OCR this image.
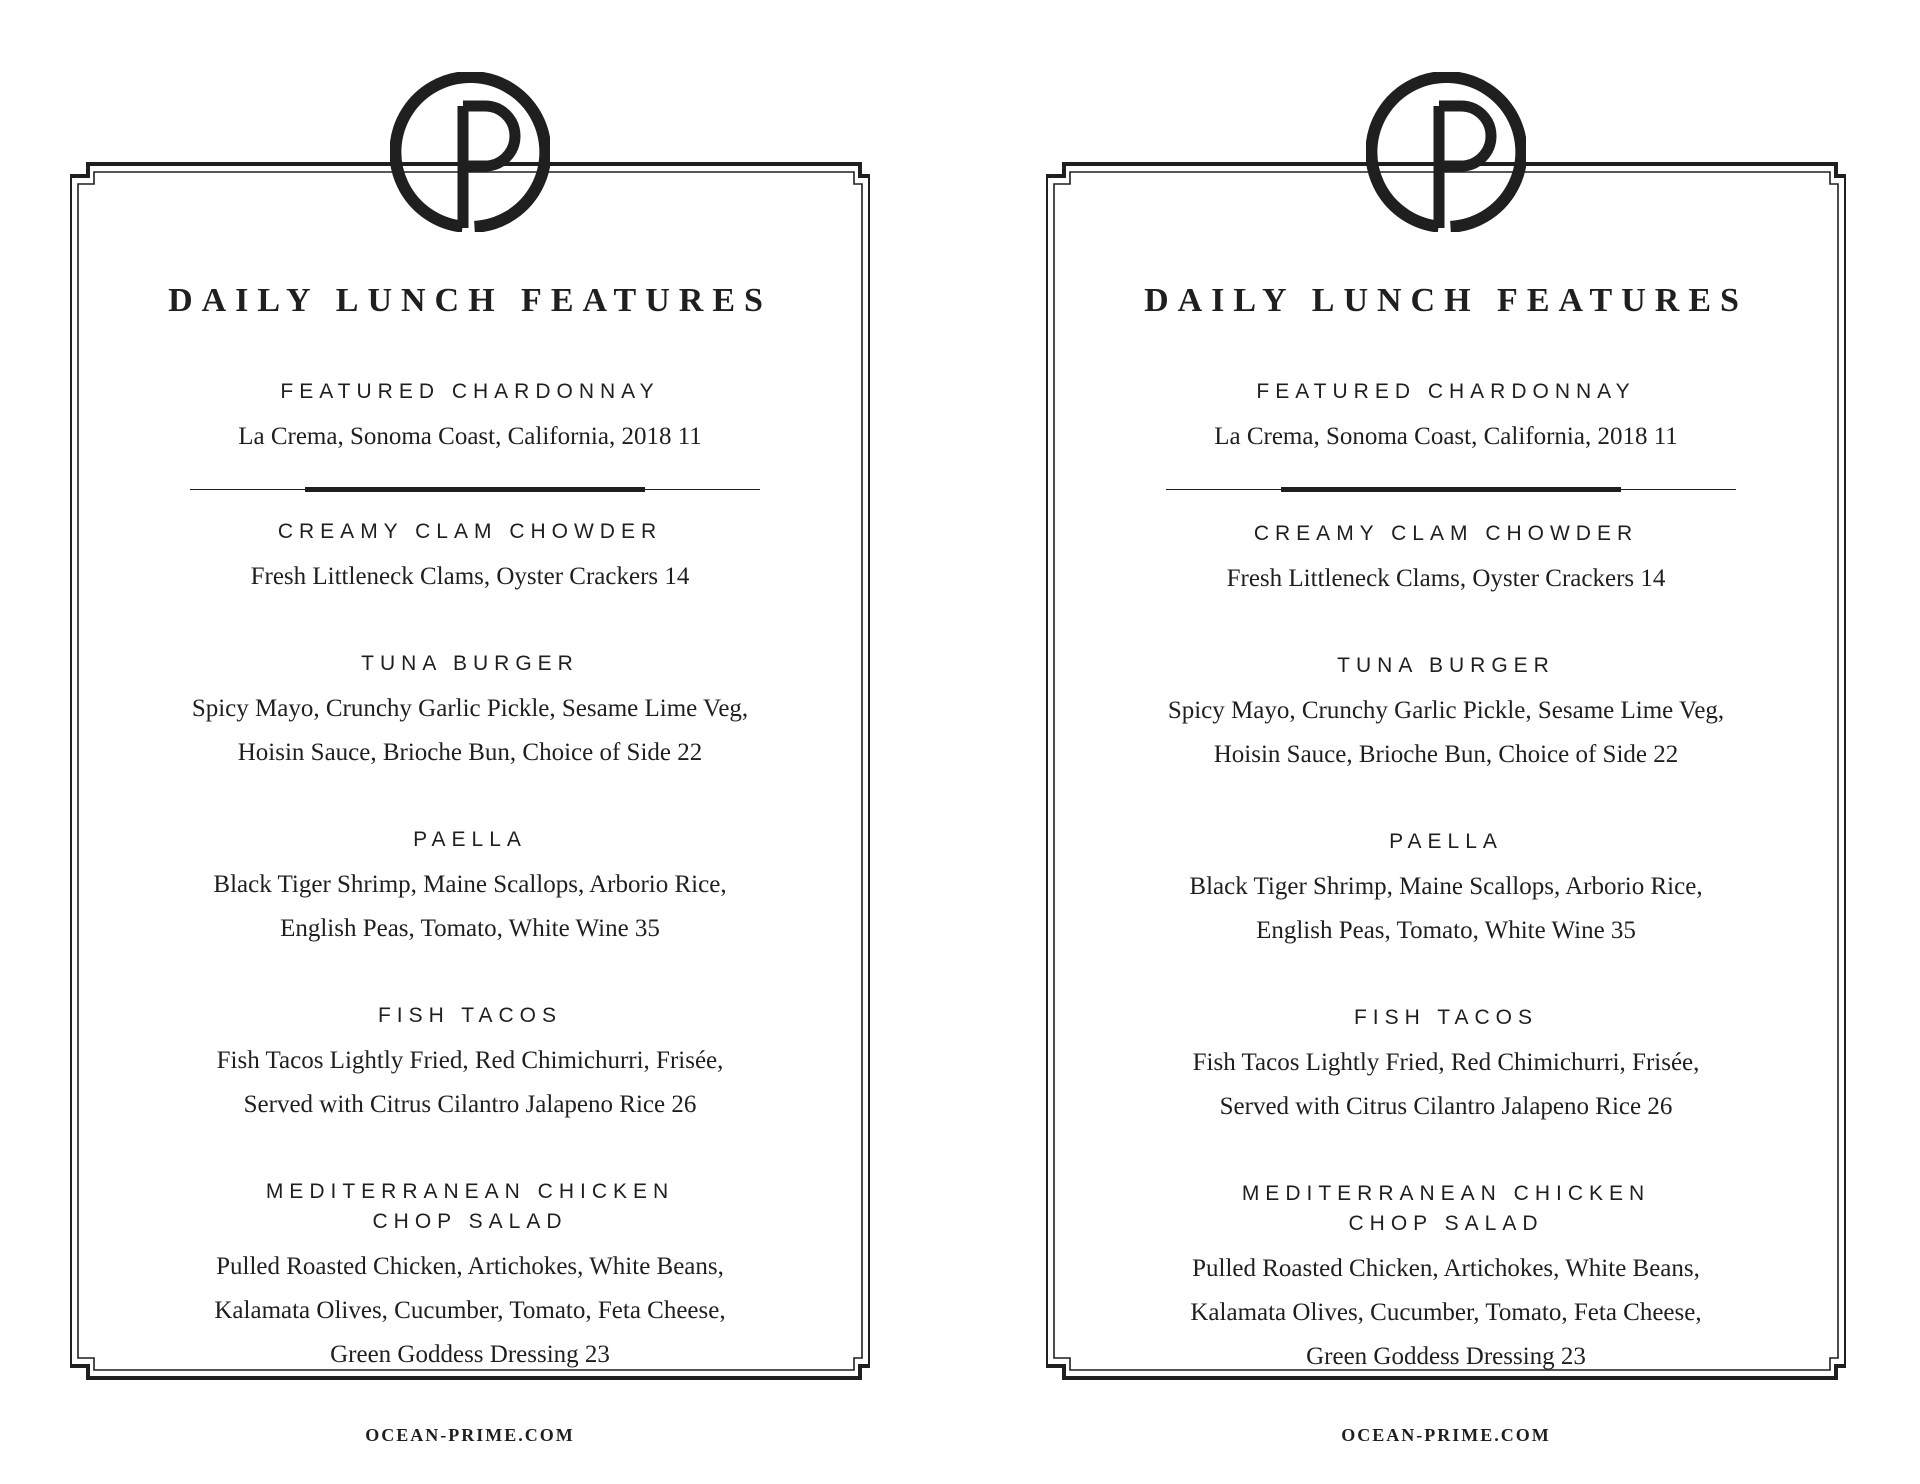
DAILY LUNCH FEATURES
FEATURED CHARDONNAY
La Crema, Sonoma Coast, California, 2018 11
CREAMY CLAM CHOWDER
Fresh Littleneck Clams, Oyster Crackers 14
TUNA BURGER
Spicy Mayo, Crunchy Garlic Pickle, Sesame Lime Veg,
Hoisin Sauce, Brioche Bun, Choice of Side 22
PAELLA
Black Tiger Shrimp, Maine Scallops, Arborio Rice,
English Peas, Tomato, White Wine 35
FISH TACOS
Fish Tacos Lightly Fried, Red Chimichurri, Frisée,
Served with Citrus Cilantro Jalapeno Rice 26
MEDITERRANEAN CHICKEN
CHOP SALAD
Pulled Roasted Chicken, Artichokes, White Beans,
Kalamata Olives, Cucumber, Tomato, Feta Cheese,
Green Goddess Dressing 23
OCEAN-PRIME.COM
DAILY LUNCH FEATURES
FEATURED CHARDONNAY
La Crema, Sonoma Coast, California, 2018 11
CREAMY CLAM CHOWDER
Fresh Littleneck Clams, Oyster Crackers 14
TUNA BURGER
Spicy Mayo, Crunchy Garlic Pickle, Sesame Lime Veg,
Hoisin Sauce, Brioche Bun, Choice of Side 22
PAELLA
Black Tiger Shrimp, Maine Scallops, Arborio Rice,
English Peas, Tomato, White Wine 35
FISH TACOS
Fish Tacos Lightly Fried, Red Chimichurri, Frisée,
Served with Citrus Cilantro Jalapeno Rice 26
MEDITERRANEAN CHICKEN
CHOP SALAD
Pulled Roasted Chicken, Artichokes, White Beans,
Kalamata Olives, Cucumber, Tomato, Feta Cheese,
Green Goddess Dressing 23
OCEAN-PRIME.COM
